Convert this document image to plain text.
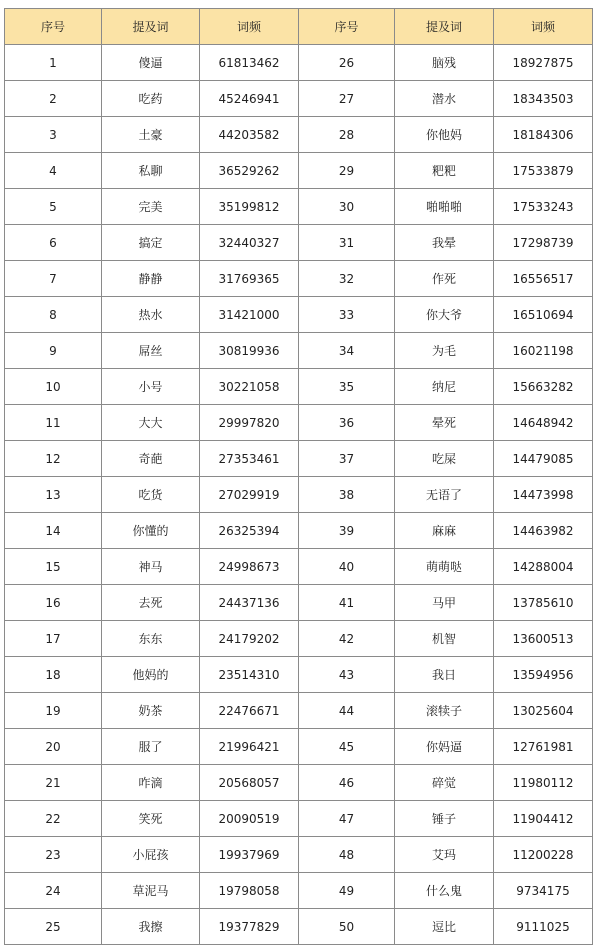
序号	提及词	词频	序号	提及词	词频
1	傻逼	61813462	26	脑残	18927875
2	吃药	45246941	27	潜水	18343503
3	土豪	44203582	28	你他妈	18184306
4	私聊	36529262	29	粑粑	17533879
5	完美	35199812	30	啪啪啪	17533243
6	搞定	32440327	31	我晕	17298739
7	静静	31769365	32	作死	16556517
8	热水	31421000	33	你大爷	16510694
9	屌丝	30819936	34	为毛	16021198
10	小号	30221058	35	纳尼	15663282
11	大大	29997820	36	晕死	14648942
12	奇葩	27353461	37	吃屎	14479085
13	吃货	27029919	38	无语了	14473998
14	你懂的	26325394	39	麻麻	14463982
15	神马	24998673	40	萌萌哒	14288004
16	去死	24437136	41	马甲	13785610
17	东东	24179202	42	机智	13600513
18	他妈的	23514310	43	我日	13594956
19	奶茶	22476671	44	滚犊子	13025604
20	服了	21996421	45	你妈逼	12761981
21	咋滴	20568057	46	碎觉	11980112
22	笑死	20090519	47	锤子	11904412
23	小屁孩	19937969	48	艾玛	11200228
24	草泥马	19798058	49	什么鬼	9734175
25	我擦	19377829	50	逗比	9111025
